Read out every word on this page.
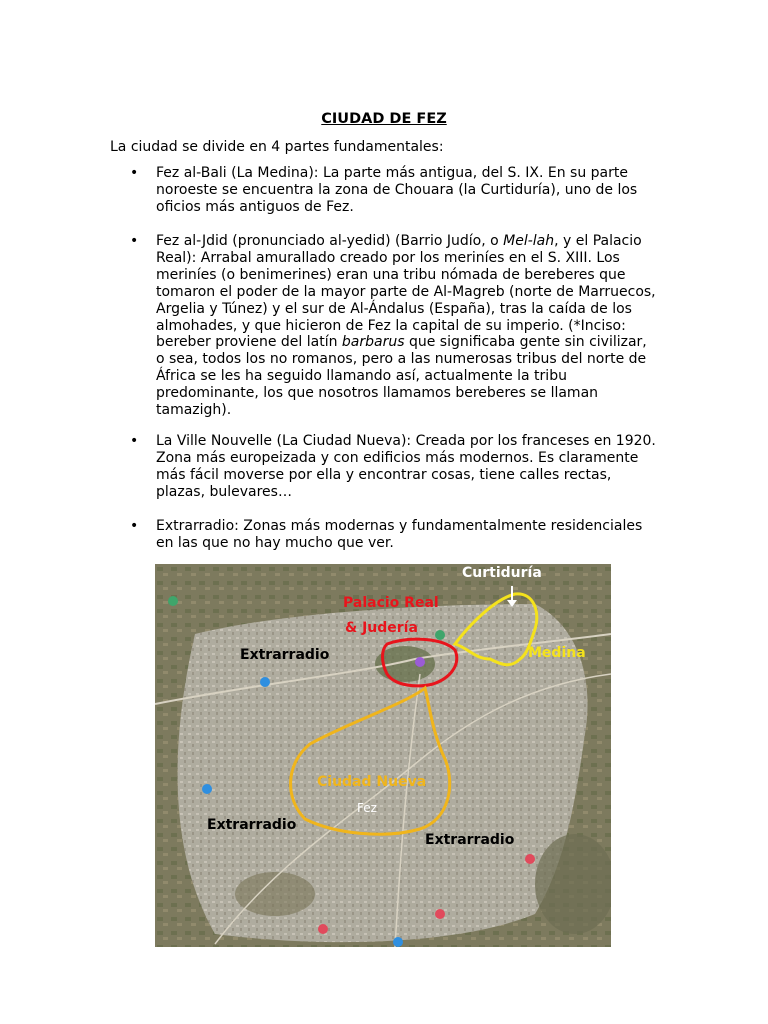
CIUDAD DE FEZ
La ciudad se divide en 4 partes fundamentales:
• Fez al-Bali (La Medina): La parte más antigua, del S. IX. En su parte noroeste se encuentra la zona de Chouara (la Curtiduría), uno de los oficios más antiguos de Fez.

• Fez al-Jdid (pronunciado al-yedid) (Barrio Judío, o Mel-lah, y el Palacio Real): Arrabal amurallado creado por los meriníes en el S. XIII. Los meriníes (o benimerines) eran una tribu nómada de bereberes que tomaron el poder de la mayor parte de Al-Magreb (norte de Marruecos, Argelia y Túnez) y el sur de Al-Ándalus (España), tras la caída de los almohades, y que hicieron de Fez la capital de su imperio. (*Inciso: bereber proviene del latín barbarus que significaba gente sin civilizar, o sea, todos los no romanos, pero a las numerosas tribus del norte de África se les ha seguido llamando así, actualmente la tribu predominante, los que nosotros llamamos bereberes se llaman tamazigh).

• La Ville Nouvelle (La Ciudad Nueva): Creada por los franceses en 1920. Zona más europeizada y con edificios más modernos. Es claramente más fácil moverse por ella y encontrar cosas, tiene calles rectas, plazas, bulevares…

• Extrarradio: Zonas más modernas y fundamentalmente residenciales en las que no hay mucho que ver.

Curtiduría
Palacio Real
& Judería
Extrarradio	Medina
Ciudad Nueva
Fez
Extrarradio
Extrarradio
